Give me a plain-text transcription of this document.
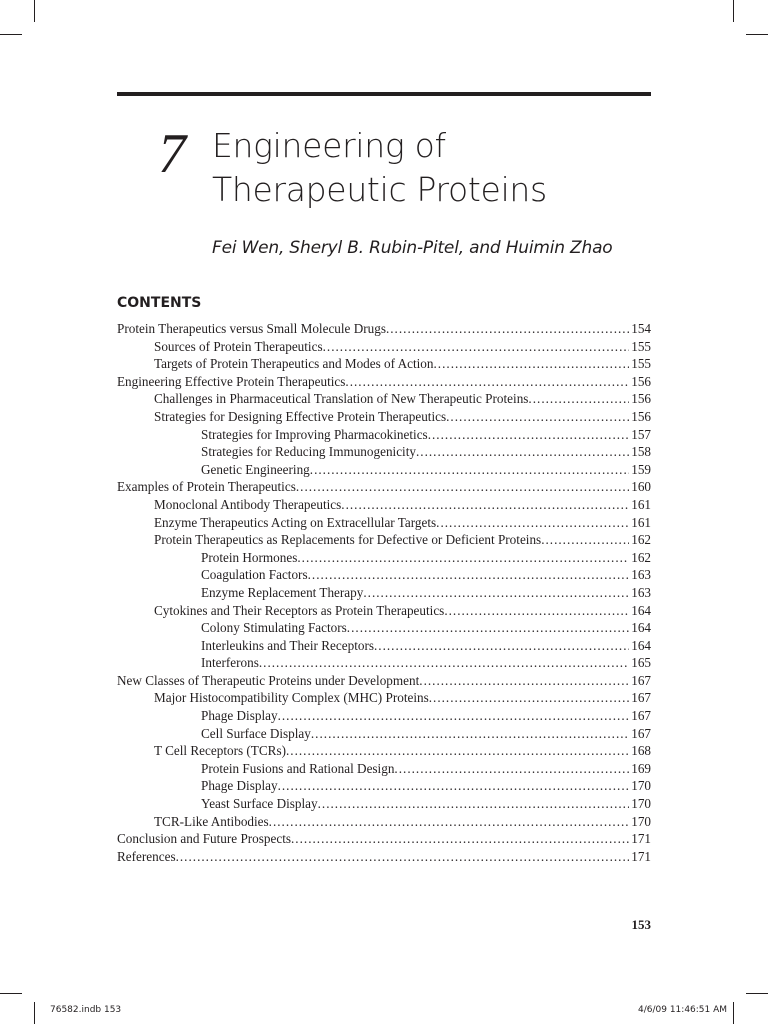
7 Engineering of
Therapeutic Proteins
Fei Wen, Sheryl B. Rubin-Pitel, and Huimin Zhao
CONTENTS
Protein Therapeutics versus Small Molecule Drugs .....	154
Sources of Protein Therapeutics .....	155
Targets of Protein Therapeutics and Modes of Action .....	155
Engineering Effective Protein Therapeutics .....	156
Challenges in Pharmaceutical Translation of New Therapeutic Proteins .....	156
Strategies for Designing Effective Protein Therapeutics .....	156
Strategies for Improving Pharmacokinetics .....	157
Strategies for Reducing Immunogenicity .....	158
Genetic Engineering .....	159
Examples of Protein Therapeutics .....	160
Monoclonal Antibody Therapeutics .....	161
Enzyme Therapeutics Acting on Extracellular Targets .....	161
Protein Therapeutics as Replacements for Defective or Deficient Proteins .....	162
Protein Hormones .....	162
Coagulation Factors .....	163
Enzyme Replacement Therapy .....	163
Cytokines and Their Receptors as Protein Therapeutics .....	164
Colony Stimulating Factors .....	164
Interleukins and Their Receptors .....	164
Interferons .....	165
New Classes of Therapeutic Proteins under Development .....	167
Major Histocompatibility Complex (MHC) Proteins .....	167
Phage Display .....	167
Cell Surface Display .....	167
T Cell Receptors (TCRs) .....	168
Protein Fusions and Rational Design .....	169
Phage Display .....	170
Yeast Surface Display .....	170
TCR-Like Antibodies .....	170
Conclusion and Future Prospects .....	171
References .....	171
153
76582.indb 153	4/6/09 11:46:51 AM
